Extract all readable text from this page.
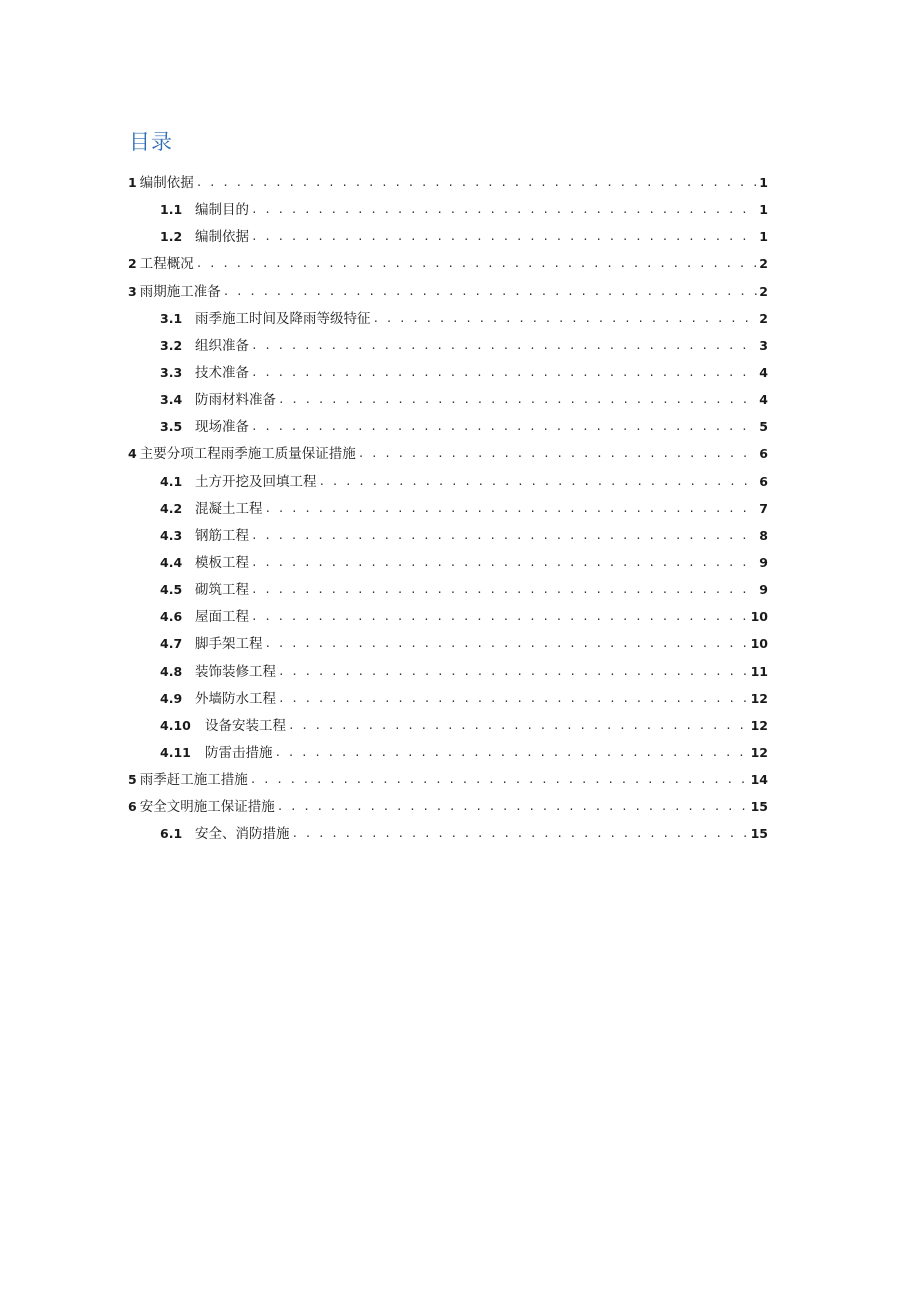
目录
1 编制依据 . . .	1
1.1 编制目的 . . .	1
1.2 编制依据 . . .	1
2 工程概况 . . .	2
3 雨期施工准备 . . .	2
3.1 雨季施工时间及降雨等级特征 . . .	2
3.2 组织准备 . . .	3
3.3 技术准备 . . .	4
3.4 防雨材料准备 . . .	4
3.5 现场准备 . . .	5
4 主要分项工程雨季施工质量保证措施 . . .	6
4.1 土方开挖及回填工程 . . .	6
4.2 混凝土工程 . . .	7
4.3 钢筋工程 . . .	8
4.4 模板工程 . . .	9
4.5 砌筑工程 . . .	9
4.6 屋面工程 . . .	10
4.7 脚手架工程 . . .	10
4.8 装饰装修工程 . . .	11
4.9 外墙防水工程 . . .	12
4.10	设备安装工程 . . .	12
4.11	防雷击措施 . . .	12
5 雨季赶工施工措施 . . .	14
6 安全文明施工保证措施 . . .	15
6.1 安全、消防措施 . . .	15
